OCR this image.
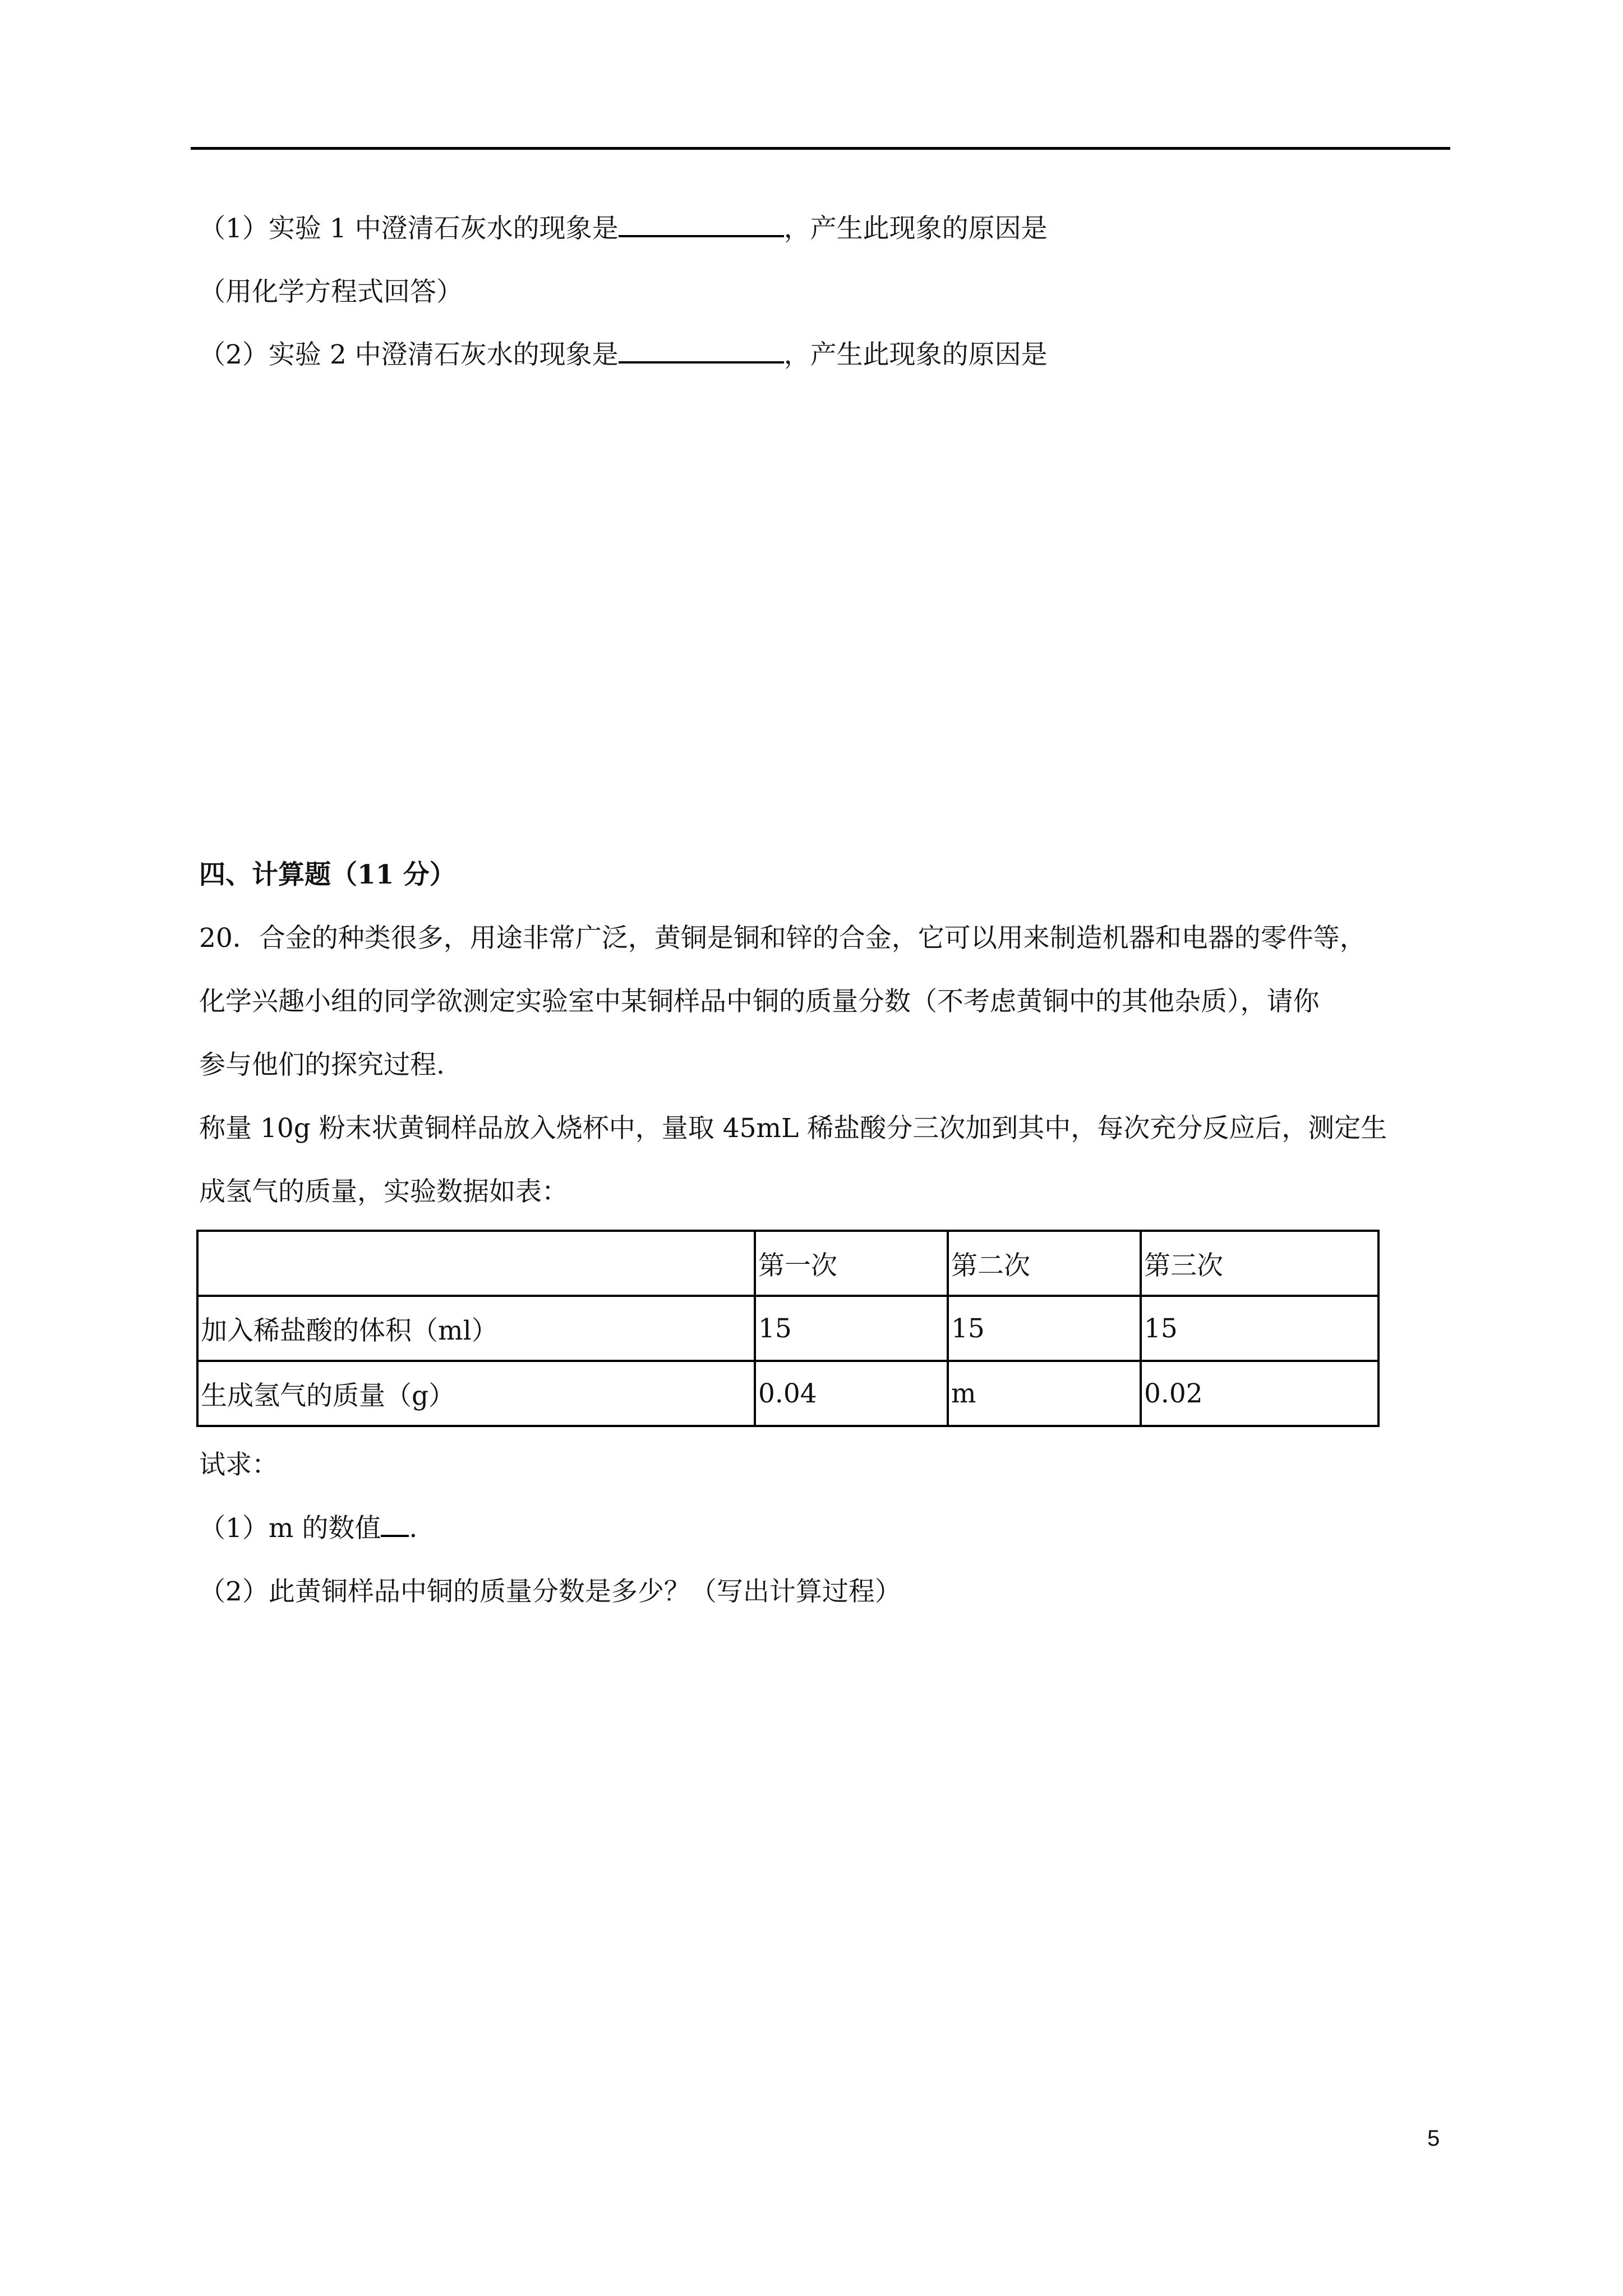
（1）实验 1 中澄清石灰水的现象是	，产生此现象的原因是
（用化学方程式回答）
（2）实验 2 中澄清石灰水的现象是	，产生此现象的原因是
四、计算题（11 分）
20．合金的种类很多，用途非常广泛，黄铜是铜和锌的合金，它可以用来制造机器和电器的零件等，
化学兴趣小组的同学欲测定实验室中某铜样品中铜的质量分数（不考虑黄铜中的其他杂质），请你
参与他们的探究过程.
称量 10g 粉末状黄铜样品放入烧杯中，量取 45mL 稀盐酸分三次加到其中，每次充分反应后，测定生
成氢气的质量，实验数据如表：
	第一次	第二次	第三次
加入稀盐酸的体积（ml）	15	15	15
生成氢气的质量（g）	0.04	m	0.02
试求：
（1）m 的数值 .
（2）此黄铜样品中铜的质量分数是多少？（写出计算过程）
5
